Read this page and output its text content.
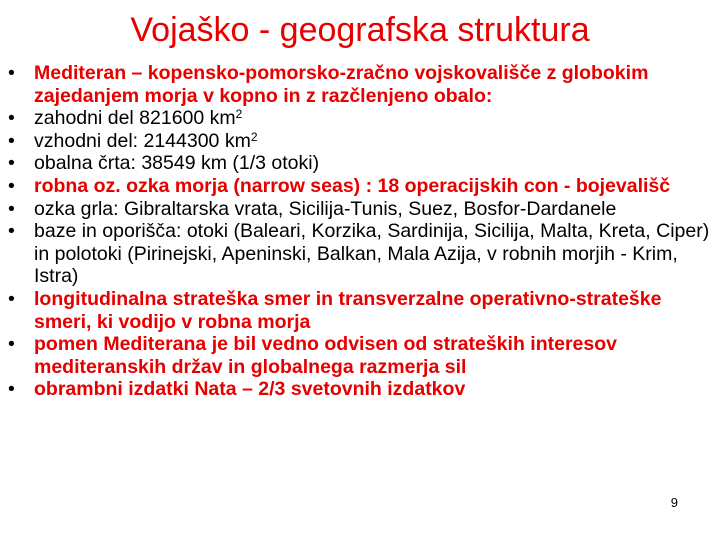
Vojaško - geografska struktura
• Mediteran – kopensko-pomorsko-zračno vojskovališče z globokim zajedanjem morja v kopno in z razčlenjeno obalo:
• zahodni del 821600 $km^2$
• vzhodni del: 2144300 $km^2$
• obalna črta: 38549 km (1/3 otoki)
• robna oz. ozka morja (narrow seas) : 18 operacijskih con - bojevališč
• ozka grla: Gibraltarska vrata, Sicilija-Tunis, Suez, Bosfor-Dardanele
• baze in oporišča: otoki (Baleari, Korzika, Sardinija, Sicilija, Malta, Kreta, Ciper) in polotoki (Pirinejski, Apeninski, Balkan, Mala Azija, v robnih morjih - Krim, Istra)
• longitudinalna strateška smer in transverzalne operativno-strateške smeri, ki vodijo v robna morja
• pomen Mediterana je bil vedno odvisen od strateških interesov mediteranskih držav in globalnega razmerja sil
• obrambni izdatki Nata – 2/3 svetovnih izdatkov
9
